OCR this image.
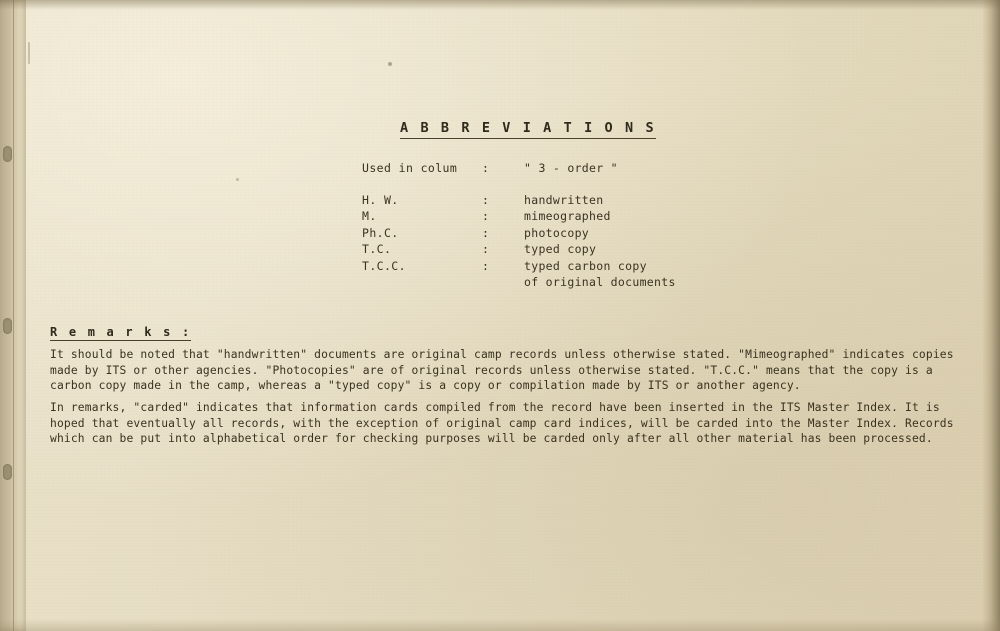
A B B R E V I A T I O N S
Used in colum	:	" 3 - order "

H. W.	:	handwritten
M.	:	mimeographed
Ph.C.	:	photocopy
T.C.	:	typed copy
T.C.C.	:	typed carbon copy
		of original documents
R e m a r k s :
It should be noted that "handwritten" documents are original camp records unless otherwise stated. "Mimeographed" indicates copies made by ITS or other agencies. "Photocopies" are of original records unless otherwise stated. "T.C.C." means that the copy is a carbon copy made in the camp, whereas a "typed copy" is a copy or compilation made by ITS or another agency.
In remarks, "carded" indicates that information cards compiled from the record have been inserted in the ITS Master Index. It is hoped that eventually all records, with the exception of original camp card indices, will be carded into the Master Index. Records which can be put into alphabetical order for checking purposes will be carded only after all other material has been processed.
